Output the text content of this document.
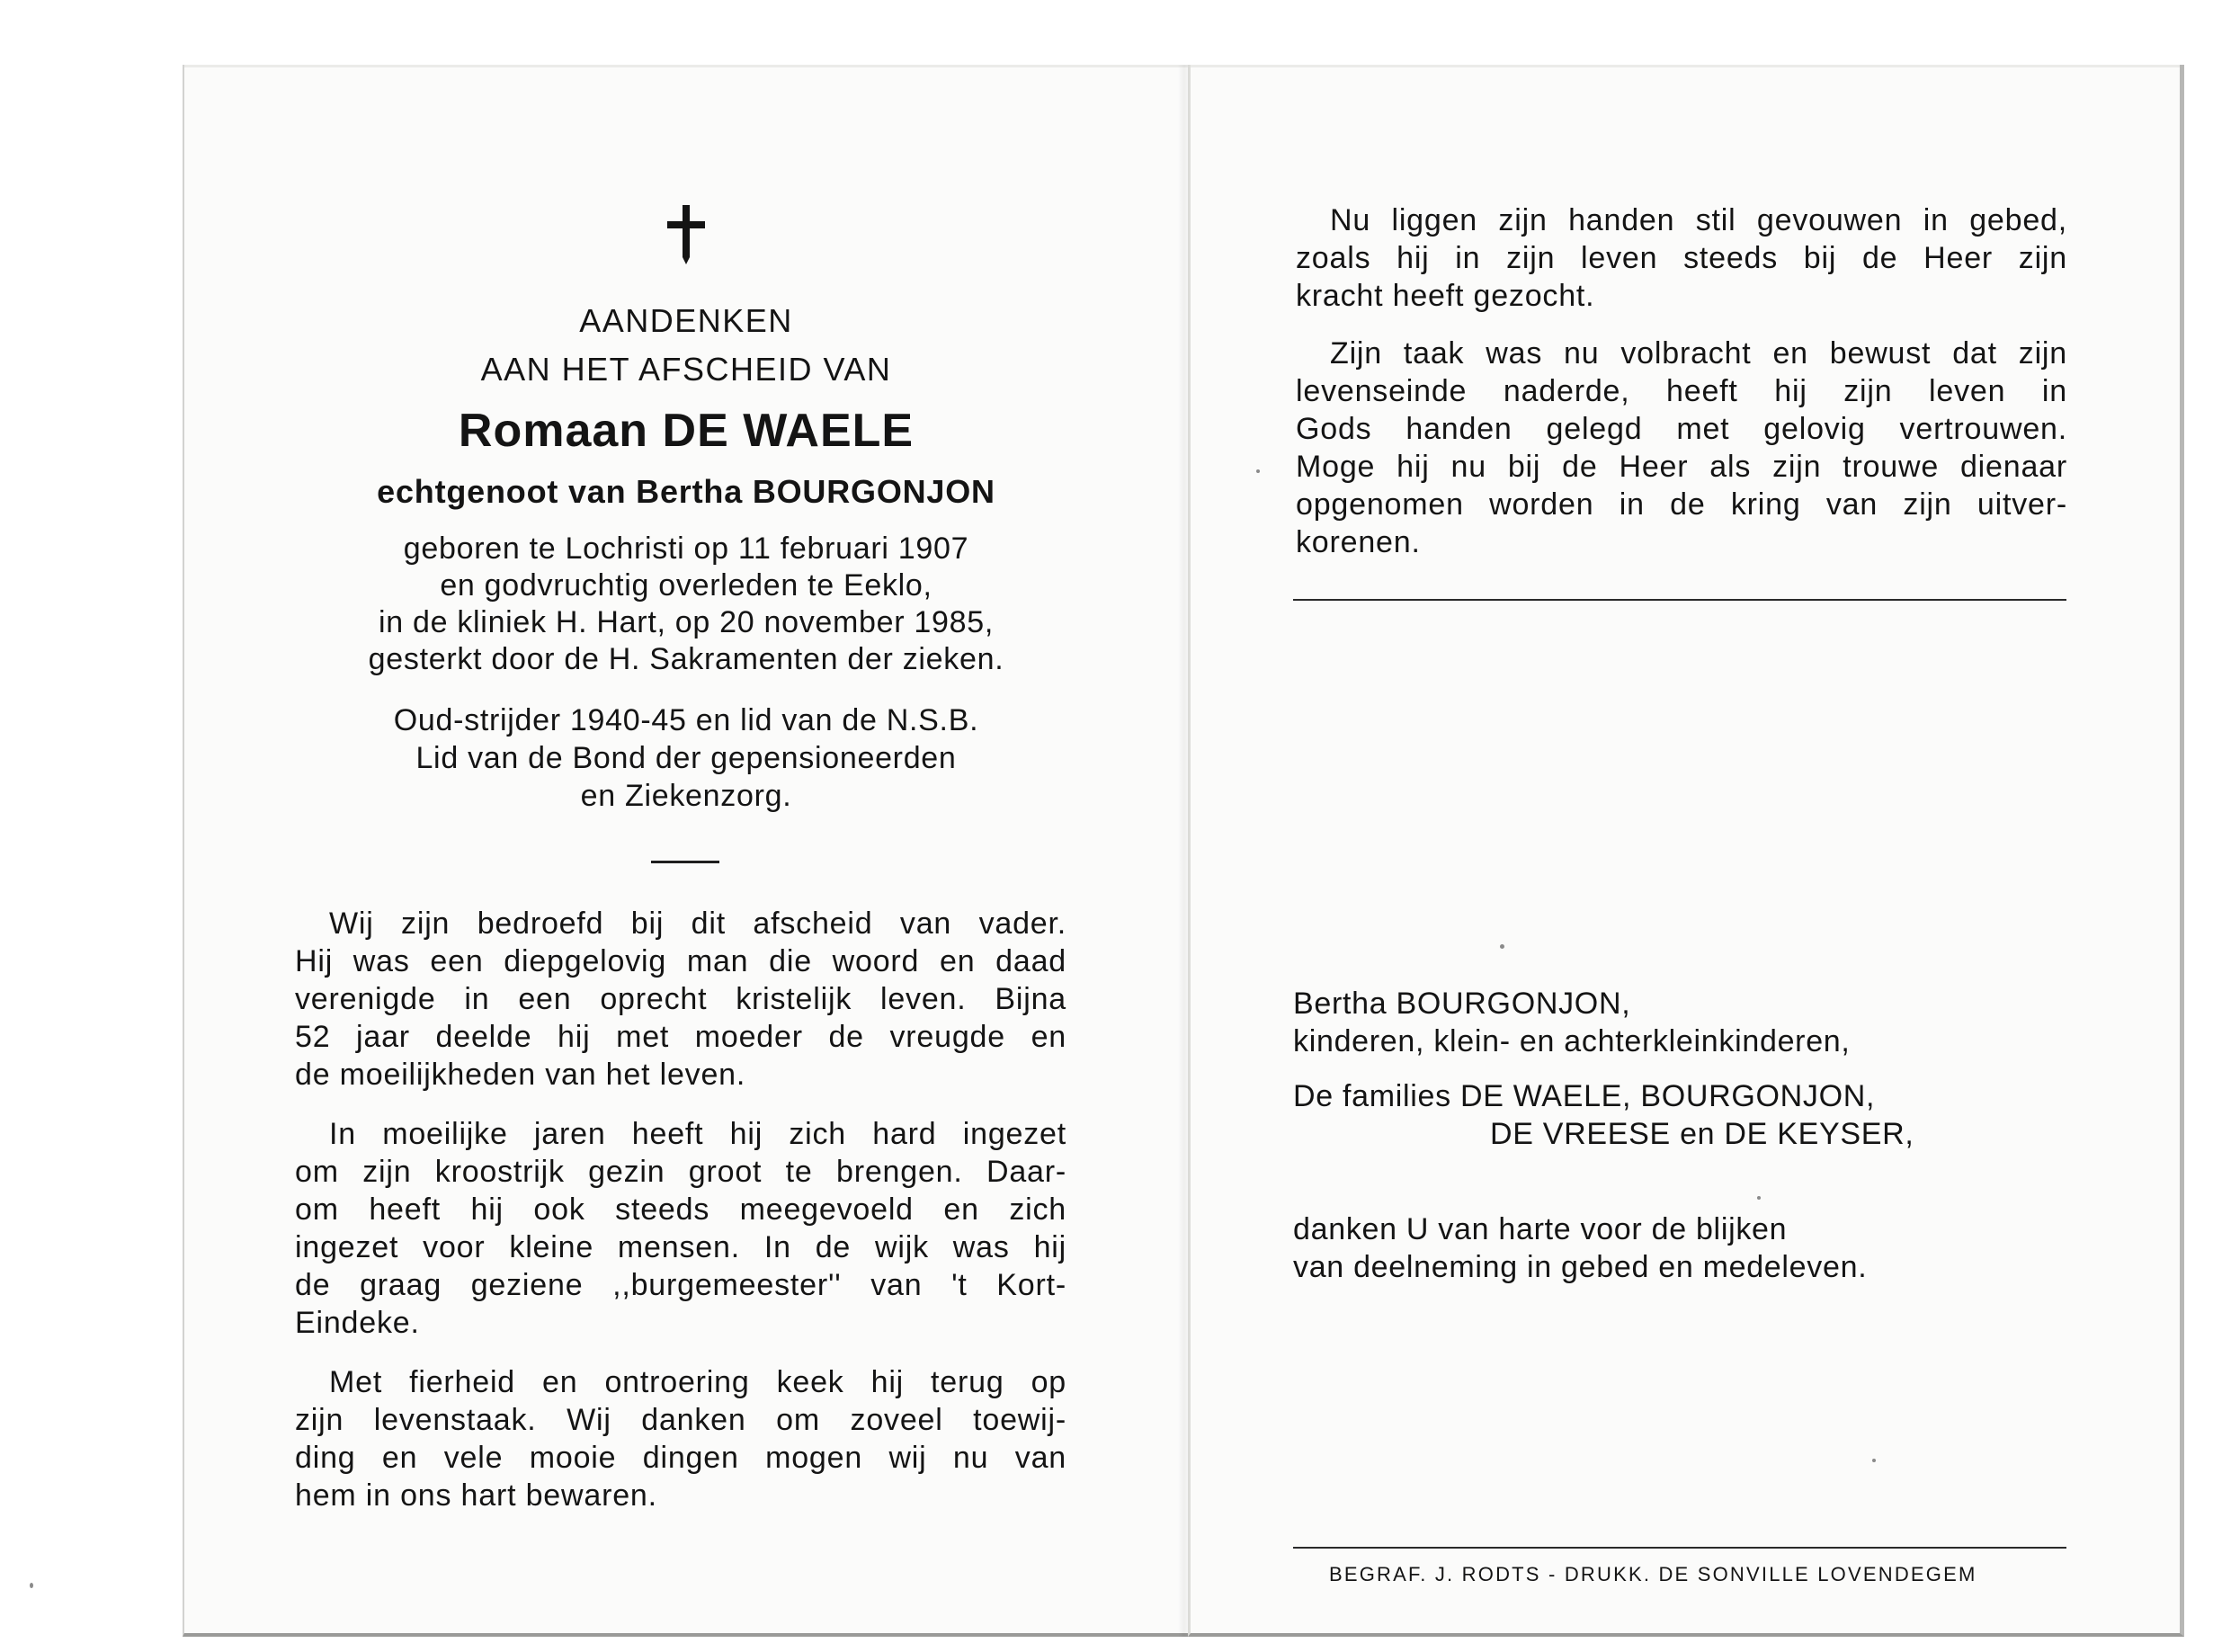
AANDENKEN
AAN HET AFSCHEID VAN
Romaan DE WAELE
echtgenoot van Bertha BOURGONJON
geboren te Lochristi op 11 februari 1907
en godvruchtig overleden te Eeklo,
in de kliniek H. Hart, op 20 november 1985,
gesterkt door de H. Sakramenten der zieken.
Oud-strijder 1940-45 en lid van de N.S.B.
Lid van de Bond der gepensioneerden
en Ziekenzorg.
Wij zijn bedroefd bij dit afscheid van vader.
Hij was een diepgelovig man die woord en daad
verenigde in een oprecht kristelijk leven. Bijna
52 jaar deelde hij met moeder de vreugde en
de moeilijkheden van het leven.
In moeilijke jaren heeft hij zich hard ingezet
om zijn kroostrijk gezin groot te brengen. Daar-
om heeft hij ook steeds meegevoeld en zich
ingezet voor kleine mensen. In de wijk was hij
de graag geziene ,,burgemeester'' van 't Kort-
Eindeke.
Met fierheid en ontroering keek hij terug op
zijn levenstaak. Wij danken om zoveel toewij-
ding en vele mooie dingen mogen wij nu van
hem in ons hart bewaren.
Nu liggen zijn handen stil gevouwen in gebed,
zoals hij in zijn leven steeds bij de Heer zijn
kracht heeft gezocht.
Zijn taak was nu volbracht en bewust dat zijn
levenseinde naderde, heeft hij zijn leven in
Gods handen gelegd met gelovig vertrouwen.
Moge hij nu bij de Heer als zijn trouwe dienaar
opgenomen worden in de kring van zijn uitver-
korenen.
Bertha BOURGONJON,
kinderen, klein- en achterkleinkinderen,
De families DE WAELE, BOURGONJON,
DE VREESE en DE KEYSER,
danken U van harte voor de blijken
van deelneming in gebed en medeleven.
BEGRAF. J. RODTS - DRUKK. DE SONVILLE LOVENDEGEM
